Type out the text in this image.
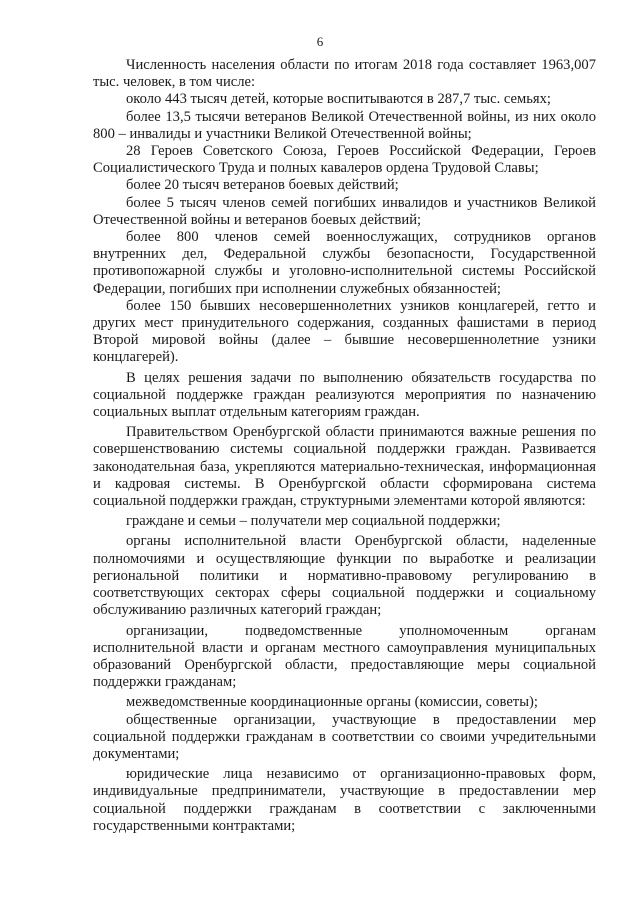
6

Численность населения области по итогам 2018 года составляет 1963,007 тыс. человек, в том числе:

около 443 тысяч детей, которые воспитываются в 287,7 тыс. семьях;

более 13,5 тысячи ветеранов Великой Отечественной войны, из них около 800 – инвалиды и участники Великой Отечественной войны;

28 Героев Советского Союза, Героев Российской Федерации, Героев Социалистического Труда и полных кавалеров ордена Трудовой Славы;

более 20 тысяч ветеранов боевых действий;

более 5 тысяч членов семей погибших инвалидов и участников Великой Отечественной войны и ветеранов боевых действий;

более 800 членов семей военнослужащих, сотрудников органов внутренних дел, Федеральной службы безопасности, Государственной противопожарной службы и уголовно-исполнительной системы Российской Федерации, погибших при исполнении служебных обязанностей;

более 150 бывших несовершеннолетних узников концлагерей, гетто и других мест принудительного содержания, созданных фашистами в период Второй мировой войны (далее – бывшие несовершеннолетние узники концлагерей).

В целях решения задачи по выполнению обязательств государства по социальной поддержке граждан реализуются мероприятия по назначению социальных выплат отдельным категориям граждан.

Правительством Оренбургской области принимаются важные решения по совершенствованию системы социальной поддержки граждан. Развивается законодательная база, укрепляются материально-техническая, информационная и кадровая системы. В Оренбургской области сформирована система социальной поддержки граждан, структурными элементами которой являются:

граждане и семьи – получатели мер социальной поддержки;

органы исполнительной власти Оренбургской области, наделенные полномочиями и осуществляющие функции по выработке и реализации региональной политики и нормативно-правовому регулированию в соответствующих секторах сферы социальной поддержки и социальному обслуживанию различных категорий граждан;

организации, подведомственные уполномоченным органам исполнительной власти и органам местного самоуправления муниципальных образований Оренбургской области, предоставляющие меры социальной поддержки гражданам;

межведомственные координационные органы (комиссии, советы);

общественные организации, участвующие в предоставлении мер социальной поддержки гражданам в соответствии со своими учредительными документами;

юридические лица независимо от организационно-правовых форм, индивидуальные предприниматели, участвующие в предоставлении мер социальной поддержки гражданам в соответствии с заключенными государственными контрактами;
